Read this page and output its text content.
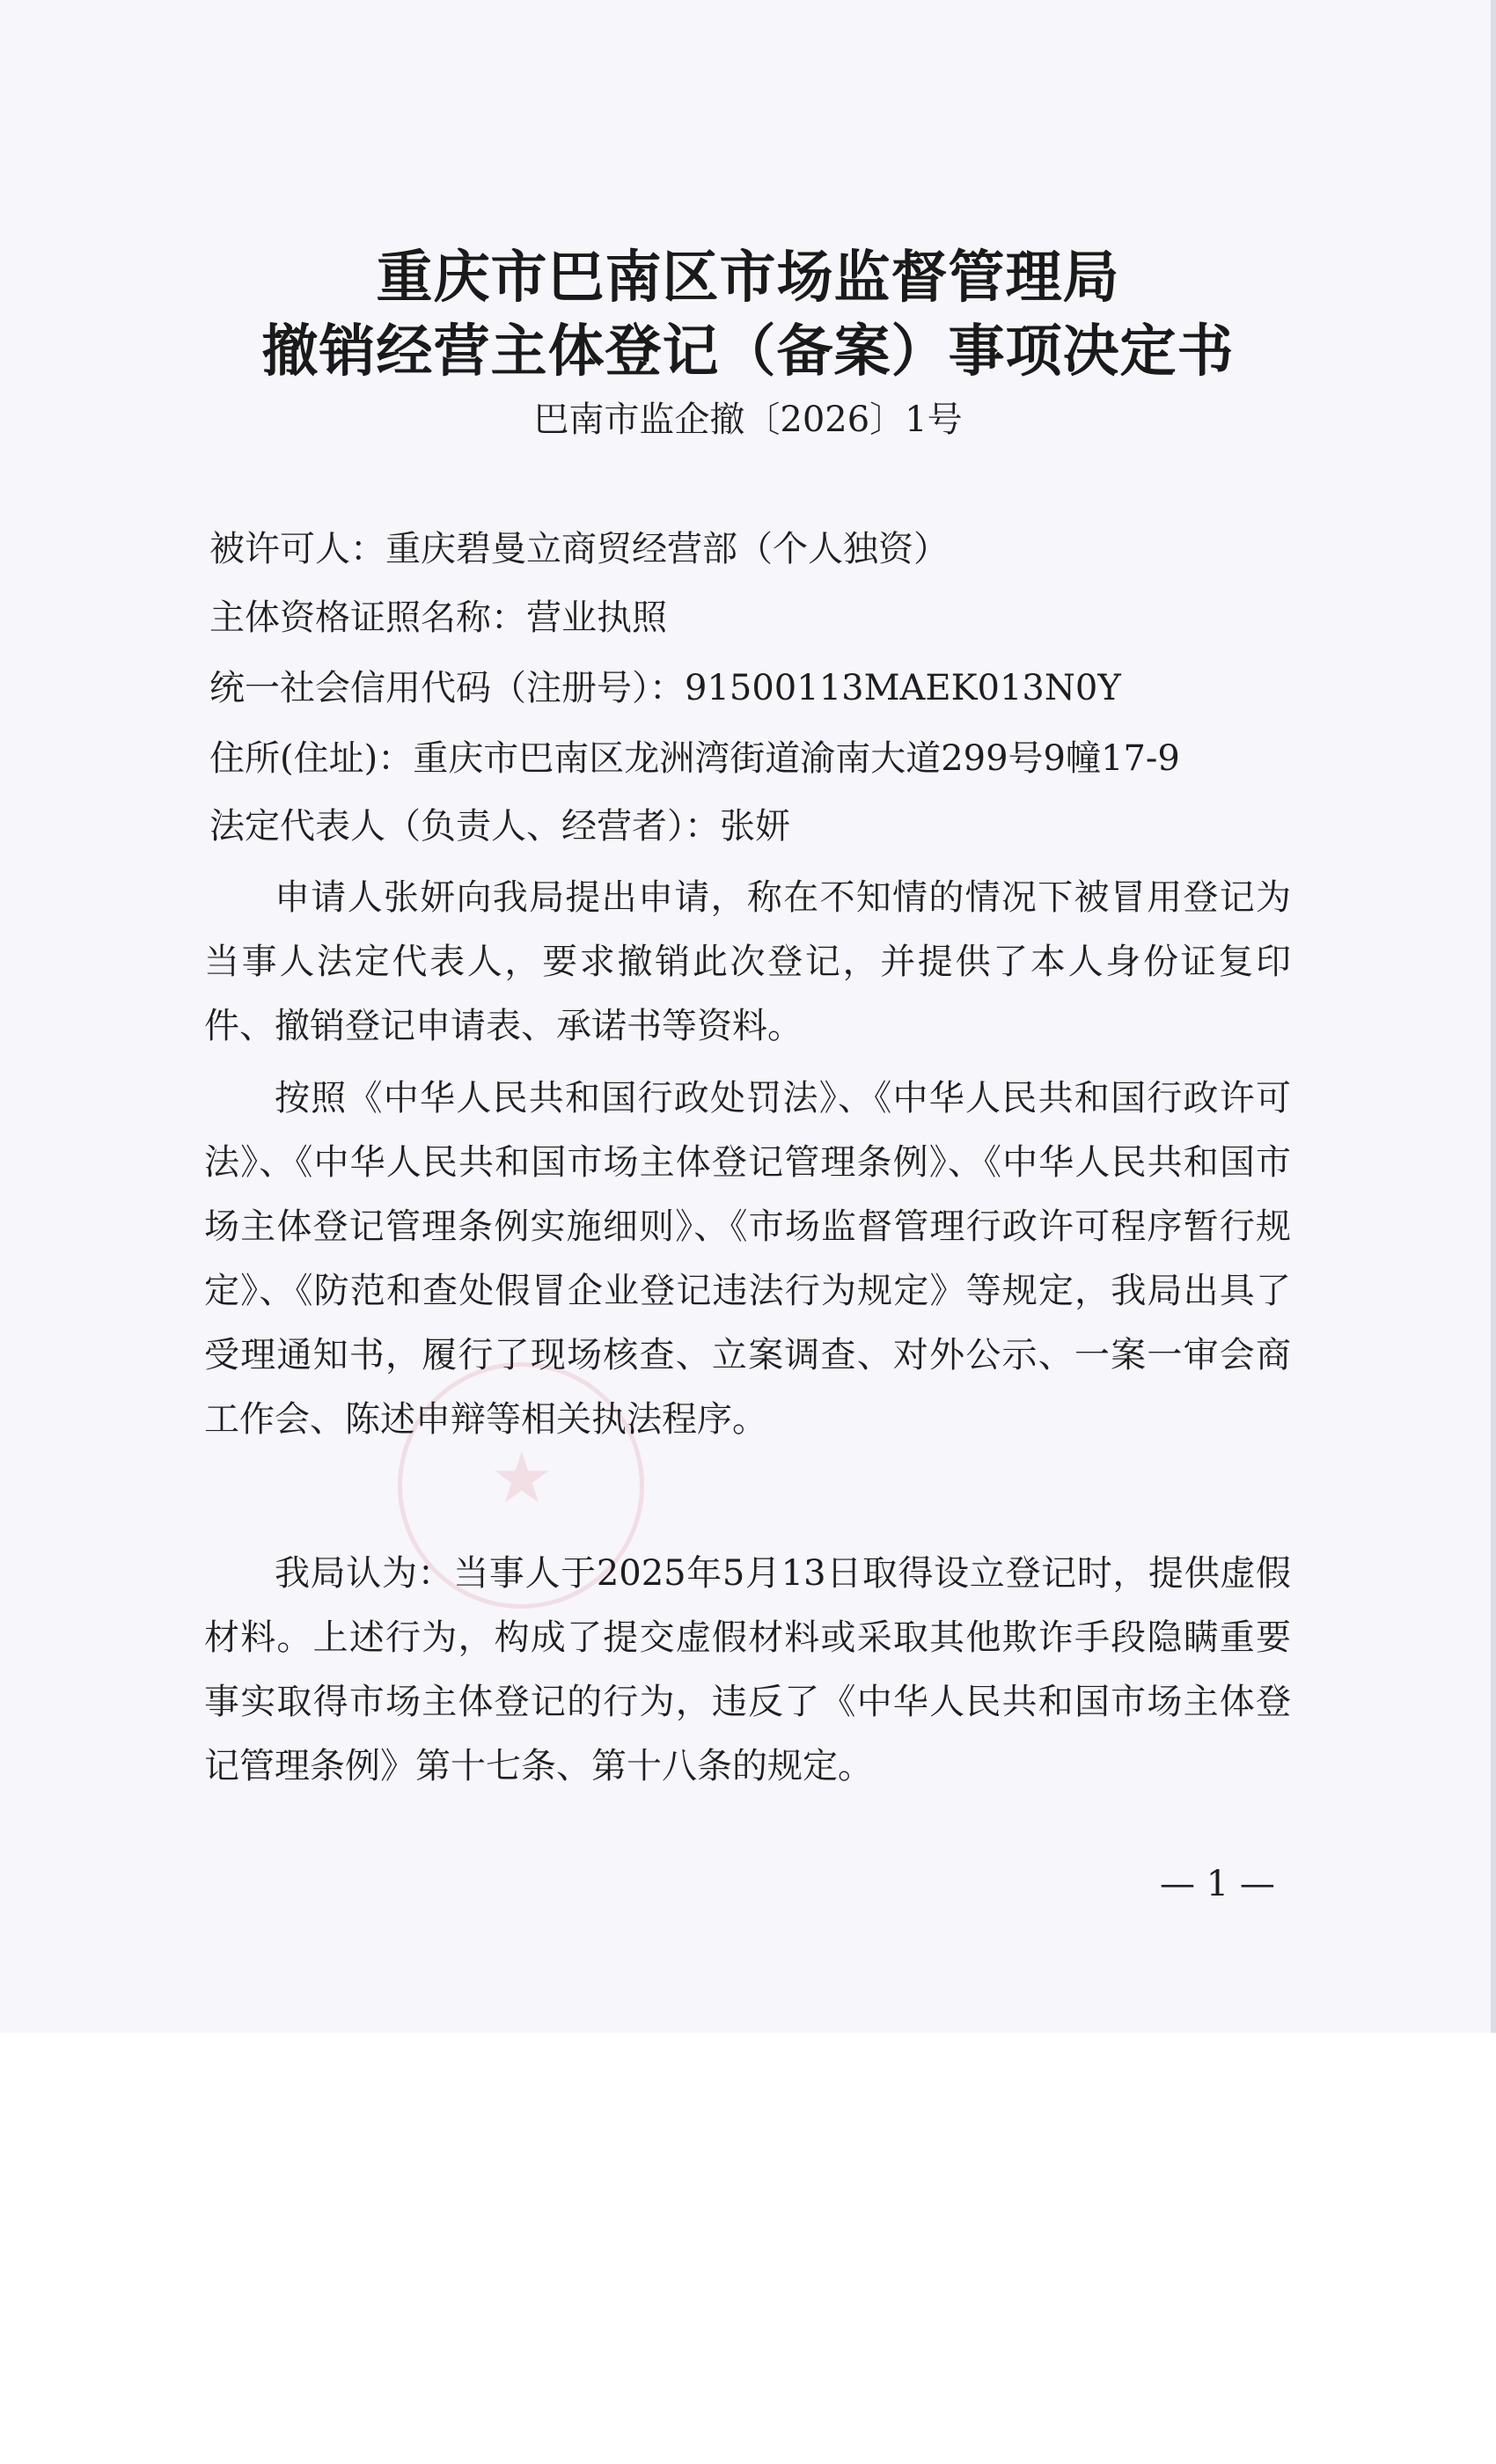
★
重庆市巴南区市场监督管理局
撤销经营主体登记（备案）事项决定书
巴南市监企撤〔2026〕1号
被许可人：重庆碧曼立商贸经营部（个人独资）
主体资格证照名称：营业执照
统一社会信用代码（注册号）：91500113MAEK013N0Y
住所(住址)：重庆市巴南区龙洲湾街道渝南大道299号9幢17-9
法定代表人（负责人、经营者）：张妍

申请人张妍向我局提出申请，称在不知情的情况下被冒用登记为当事人法定代表人，要求撤销此次登记，并提供了本人身份证复印件、撤销登记申请表、承诺书等资料。

按照《中华人民共和国行政处罚法》、《中华人民共和国行政许可法》、《中华人民共和国市场主体登记管理条例》、《中华人民共和国市场主体登记管理条例实施细则》、《市场监督管理行政许可程序暂行规定》、《防范和查处假冒企业登记违法行为规定》等规定，我局出具了受理通知书，履行了现场核查、立案调查、对外公示、一案一审会商工作会、陈述申辩等相关执法程序。

我局认为：当事人于2025年5月13日取得设立登记时，提供虚假材料。上述行为，构成了提交虚假材料或采取其他欺诈手段隐瞒重要事实取得市场主体登记的行为，违反了《中华人民共和国市场主体登记管理条例》第十七条、第十八条的规定。

— 1 —
